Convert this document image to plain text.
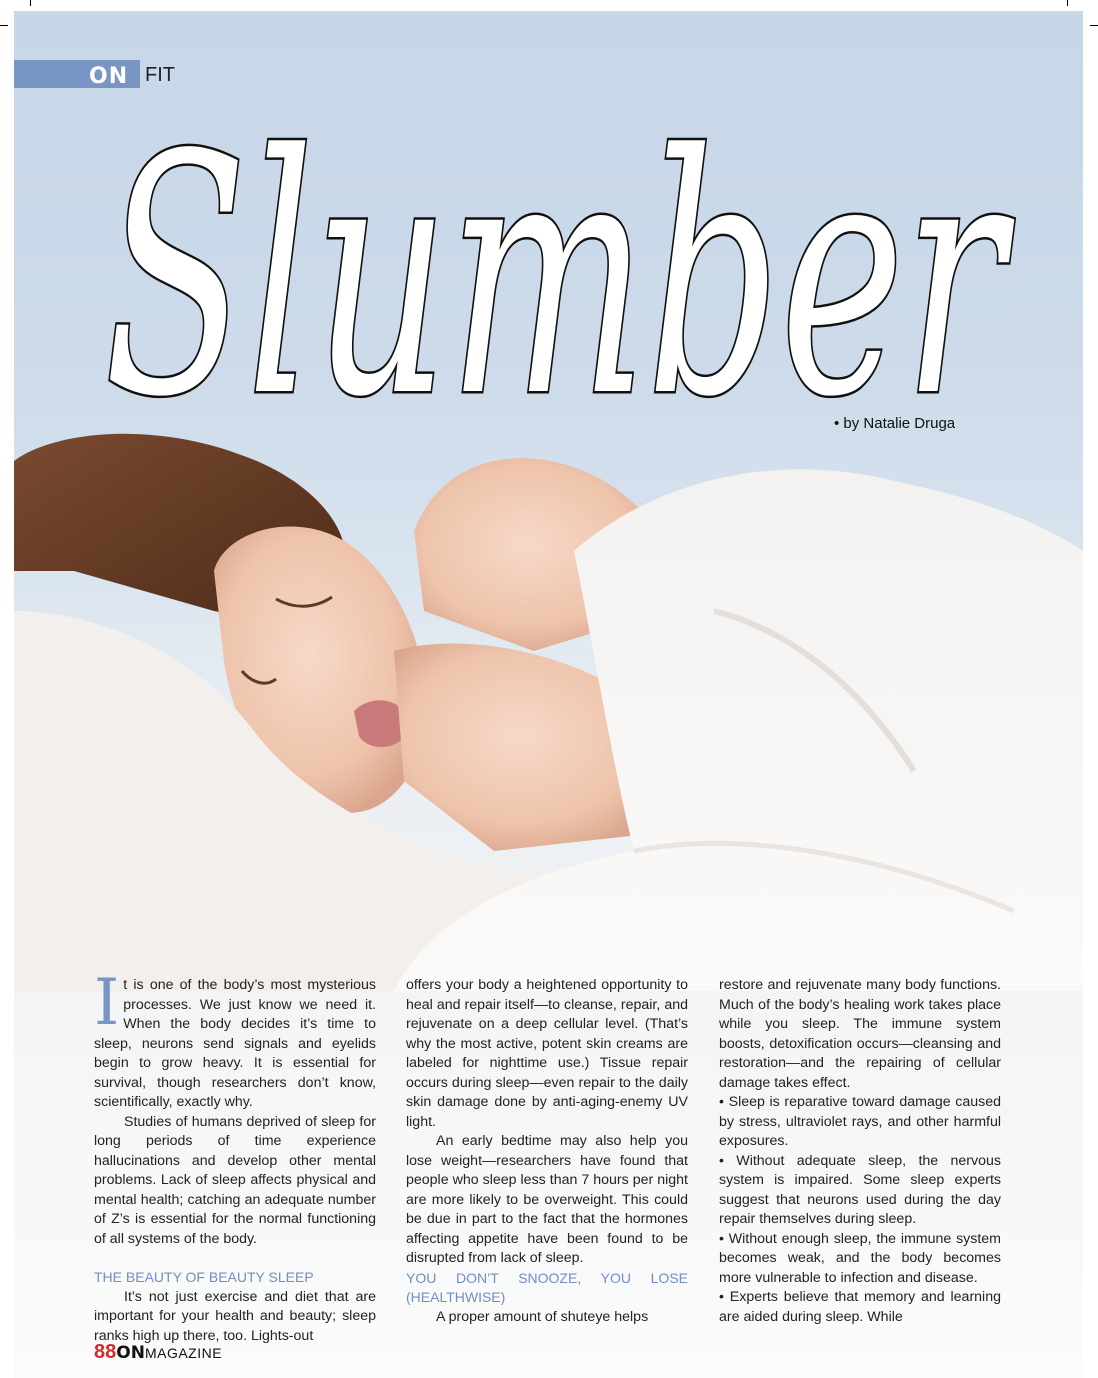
ON FIT
Slumber
• by Natalie Druga

It is one of the body’s most mysterious processes. We just know we need it. When the body decides it’s time to sleep, neurons send signals and eyelids begin to grow heavy. It is essential for survival, though researchers don’t know, scientifically, exactly why.

Studies of humans deprived of sleep for long periods of time experience hallucinations and develop other mental problems. Lack of sleep affects physical and mental health; catching an adequate number of Z’s is essential for the normal functioning of all systems of the body.

THE BEAUTY OF BEAUTY SLEEP

It’s not just exercise and diet that are important for your health and beauty; sleep ranks high up there, too. Lights-out

offers your body a heightened opportunity to heal and repair itself—to cleanse, repair, and rejuvenate on a deep cellular level. (That’s why the most active, potent skin creams are labeled for nighttime use.) Tissue repair occurs during sleep—even repair to the daily skin damage done by anti-aging-enemy UV light.

An early bedtime may also help you lose weight—researchers have found that people who sleep less than 7 hours per night are more likely to be overweight. This could be due in part to the fact that the hormones affecting appetite have been found to be disrupted from lack of sleep.

YOU DON’T SNOOZE, YOU LOSE (HEALTHWISE)

A proper amount of shuteye helps

restore and rejuvenate many body functions. Much of the body’s healing work takes place while you sleep. The immune system boosts, detoxification occurs—cleansing and restoration—and the repairing of cellular damage takes effect.

• Sleep is reparative toward damage caused by stress, ultraviolet rays, and other harmful exposures.

• Without adequate sleep, the nervous system is impaired. Some sleep experts suggest that neurons used during the day repair themselves during sleep.

• Without enough sleep, the immune system becomes weak, and the body becomes more vulnerable to infection and disease.

• Experts believe that memory and learning are aided during sleep. While

88ONMAGAZINE
